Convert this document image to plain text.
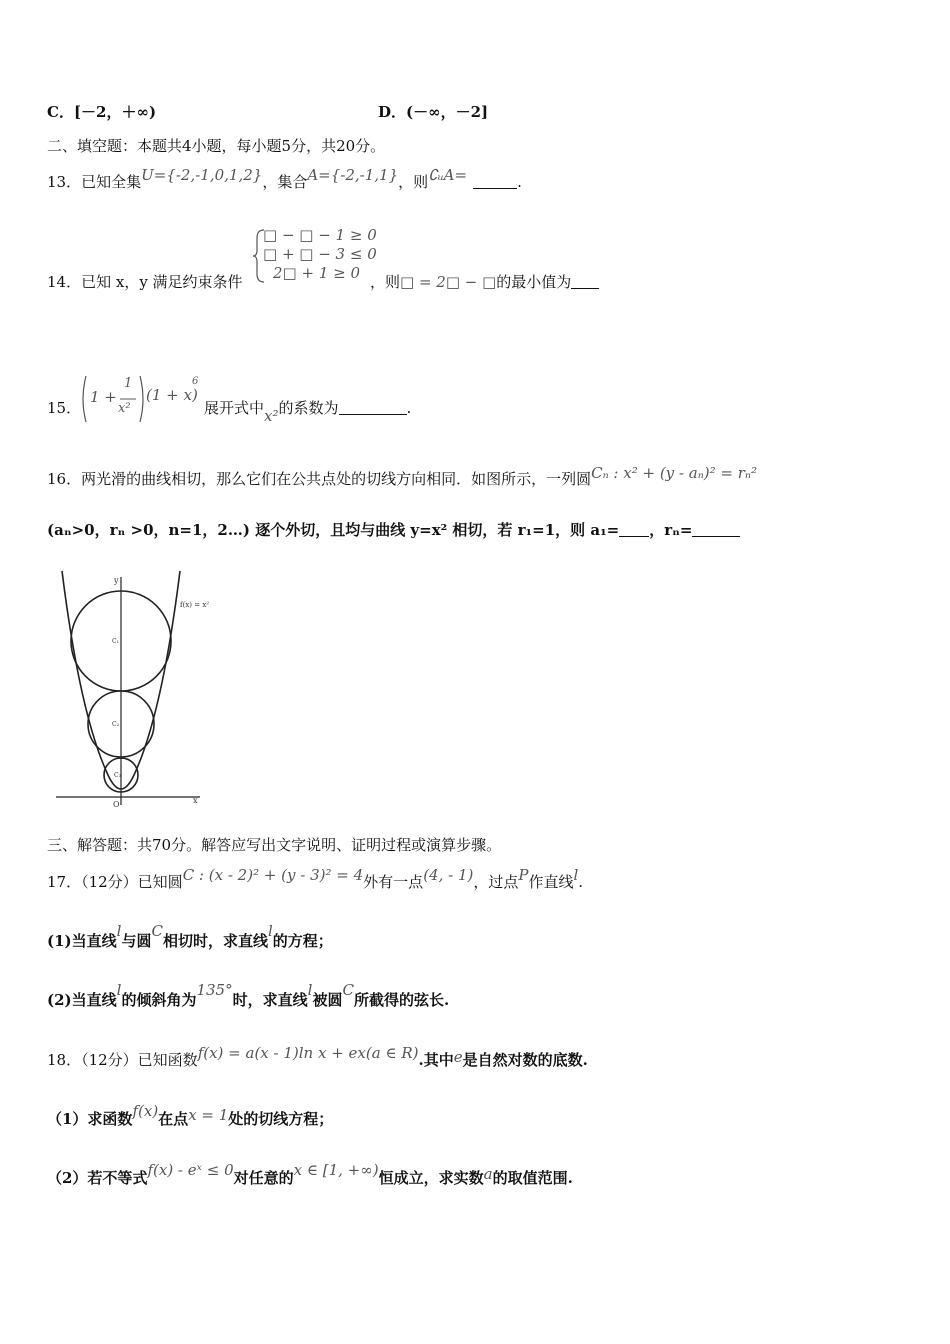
C．[－2，＋∞)	D．(－∞，－2]
二、填空题：本题共4小题，每小题5分，共20分。
13．已知全集U={-2,-1,0,1,2}，集合A={-2,-1,1}，则∁ᵤA=	.
□ − □ − 1 ≥ 0
□ + □ − 3 ≤ 0
2□ + 1 ≥ 0
14．已知 x，y 满足约束条件	，则□ = 2□ − □的最小值为
15．
1 +
1
x²
(1 + x)
6
展开式中x²的系数为	.
16．两光滑的曲线相切，那么它们在公共点处的切线方向相同．如图所示，一列圆Cₙ : x² + (y - aₙ)² = rₙ²
(aₙ>0，rₙ >0，n=1，2…) 逐个外切，且均与曲线 y=x² 相切，若 r₁=1，则 a₁= ，rₙ=
y
x
O
f(x) = x²
C₁
C₂
C₃
三、解答题：共70分。解答应写出文字说明、证明过程或演算步骤。
17．（12分）已知圆C : (x - 2)² + (y - 3)² = 4外有一点(4, - 1)，过点P作直线l.
(1)当直线l与圆C相切时，求直线l的方程；
(2)当直线l的倾斜角为135°时，求直线l被圆C所截得的弦长.
18．（12分）已知函数f(x) = a(x - 1)ln x + ex(a ∈ R).其中e是自然对数的底数.
（1）求函数f(x)在点x = 1处的切线方程；
（2）若不等式f(x) - eˣ ≤ 0对任意的x ∈ [1, +∞)恒成立，求实数a的取值范围.
